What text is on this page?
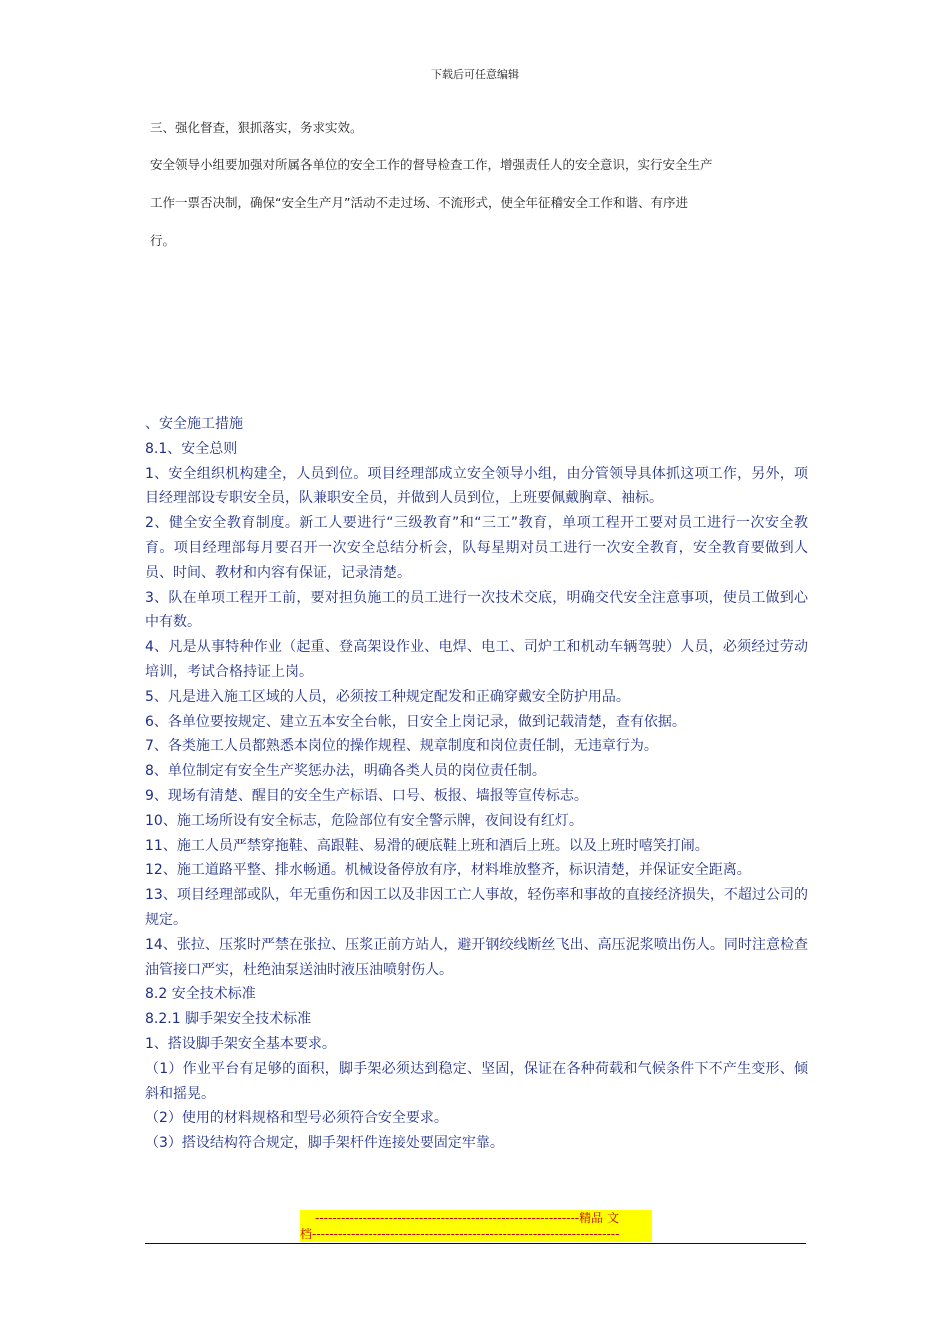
下载后可任意编辑
三、强化督查，狠抓落实，务求实效。
安全领导小组要加强对所属各单位的安全工作的督导检查工作，增强责任人的安全意识，实行安全生产
工作一票否决制，确保“安全生产月”活动不走过场、不流形式，使全年征稽安全工作和谐、有序进
行。

、安全施工措施

8.1、安全总则

1、安全组织机构建全，人员到位。项目经理部成立安全领导小组，由分管领导具体抓这项工作，另外，项目经理部设专职安全员，队兼职安全员，并做到人员到位，上班要佩戴胸章、袖标。

2、健全安全教育制度。新工人要进行“三级教育”和“三工”教育，单项工程开工要对员工进行一次安全教育。项目经理部每月要召开一次安全总结分析会，队每星期对员工进行一次安全教育，安全教育要做到人员、时间、教材和内容有保证，记录清楚。

3、队在单项工程开工前，要对担负施工的员工进行一次技术交底，明确交代安全注意事项，使员工做到心中有数。

4、凡是从事特种作业（起重、登高架设作业、电焊、电工、司炉工和机动车辆驾驶）人员，必须经过劳动培训，考试合格持证上岗。

5、凡是进入施工区域的人员，必须按工种规定配发和正确穿戴安全防护用品。

6、各单位要按规定、建立五本安全台帐，日安全上岗记录，做到记载清楚，查有依据。

7、各类施工人员都熟悉本岗位的操作规程、规章制度和岗位责任制，无违章行为。

8、单位制定有安全生产奖惩办法，明确各类人员的岗位责任制。

9、现场有清楚、醒目的安全生产标语、口号、板报、墙报等宣传标志。

10、施工场所设有安全标志，危险部位有安全警示牌，夜间设有红灯。

11、施工人员严禁穿拖鞋、高跟鞋、易滑的硬底鞋上班和酒后上班。以及上班时嘻笑打闹。

12、施工道路平整、排水畅通。机械设备停放有序，材料堆放整齐，标识清楚，并保证安全距离。

13、项目经理部或队，年无重伤和因工以及非因工亡人事故，轻伤率和事故的直接经济损失，不超过公司的规定。

14、张拉、压浆时严禁在张拉、压浆正前方站人，避开钢绞线断丝飞出、高压泥浆喷出伤人。同时注意检查油管接口严实，杜绝油泵送油时液压油喷射伤人。

8.2 安全技术标准

8.2.1 脚手架安全技术标准

1、搭设脚手架安全基本要求。

（1）作业平台有足够的面积，脚手架必须达到稳定、坚固，保证在各种荷载和气候条件下不产生变形、倾斜和摇晃。

（2）使用的材料规格和型号必须符合安全要求。

（3）搭设结构符合规定，脚手架杆件连接处要固定牢靠。

-------------------------------------------------------------精品 文
档-----------------------------------------------------------------------
